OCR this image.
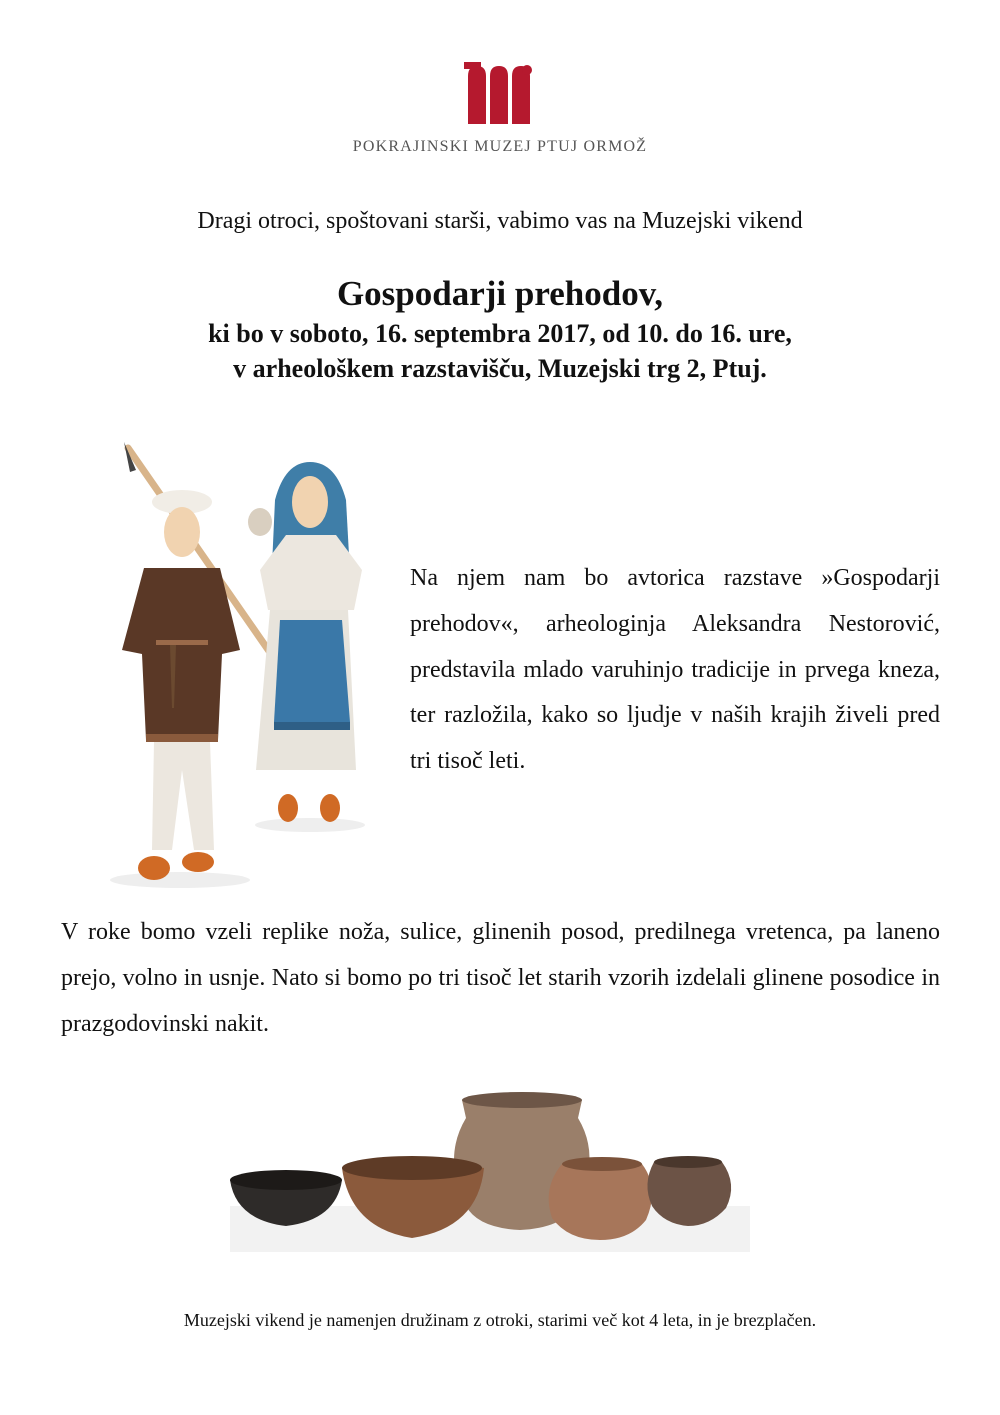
POKRAJINSKI MUZEJ PTUJ ORMOŽ
Dragi otroci, spoštovani starši, vabimo vas na Muzejski vikend
Gospodarji prehodov,
ki bo v soboto, 16. septembra 2017, od 10. do 16. ure,
v arheološkem razstavišču, Muzejski trg 2, Ptuj.

Na njem nam bo avtorica razstave »Gospodarji prehodov«, arheologinja Aleksandra Nestorović, predstavila mlado varuhinjo tradicije in prvega kneza, ter razložila, kako so ljudje v naših krajih živeli pred tri tisoč leti.

V roke bomo vzeli replike noža, sulice, glinenih posod, predilnega vretenca, pa laneno prejo, volno in usnje. Nato si bomo po tri tisoč let starih vzorih izdelali glinene posodice in prazgodovinski nakit.

Muzejski vikend je namenjen družinam z otroki, starimi več kot 4 leta, in je brezplačen.
